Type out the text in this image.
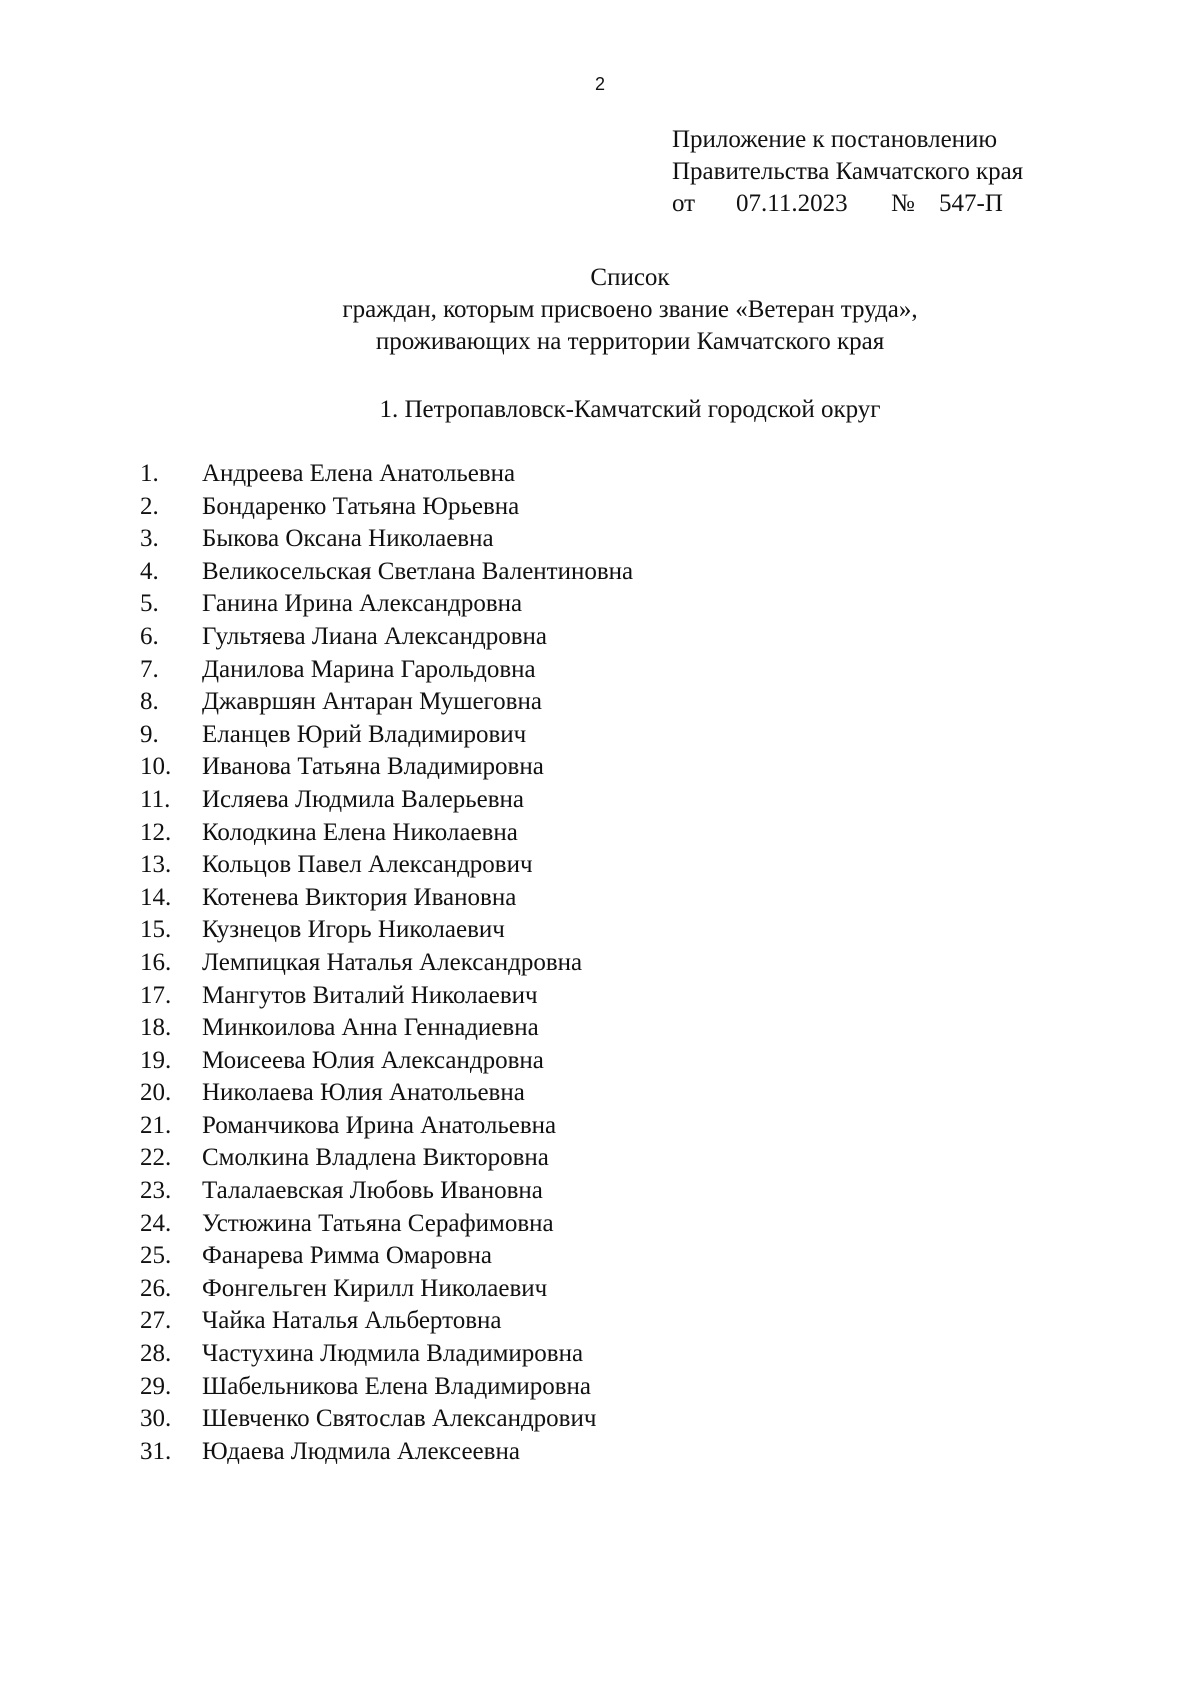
2
Приложение к постановлению
Правительства Камчатского края
от	07.11.2023	№ 547-П
Список
граждан, которым присвоено звание «Ветеран труда»,
проживающих на территории Камчатского края
1. Петропавловск-Камчатский городской округ
1.	Андреева Елена Анатольевна
2.	Бондаренко Татьяна Юрьевна
3.	Быкова Оксана Николаевна
4.	Великосельская Светлана Валентиновна
5.	Ганина Ирина Александровна
6.	Гультяева Лиана Александровна
7.	Данилова Марина Гарольдовна
8.	Джавршян Антаран Мушеговна
9.	Еланцев Юрий Владимирович
10.	Иванова Татьяна Владимировна
11.	Исляева Людмила Валерьевна
12.	Колодкина Елена Николаевна
13.	Кольцов Павел Александрович
14.	Котенева Виктория Ивановна
15.	Кузнецов Игорь Николаевич
16.	Лемпицкая Наталья Александровна
17.	Мангутов Виталий Николаевич
18.	Минкоилова Анна Геннадиевна
19.	Моисеева Юлия Александровна
20.	Николаева Юлия Анатольевна
21.	Романчикова Ирина Анатольевна
22.	Смолкина Владлена Викторовна
23.	Талалаевская Любовь Ивановна
24.	Устюжина Татьяна Серафимовна
25.	Фанарева Римма Омаровна
26.	Фонгельген Кирилл Николаевич
27.	Чайка Наталья Альбертовна
28.	Частухина Людмила Владимировна
29.	Шабельникова Елена Владимировна
30.	Шевченко Святослав Александрович
31.	Юдаева Людмила Алексеевна
